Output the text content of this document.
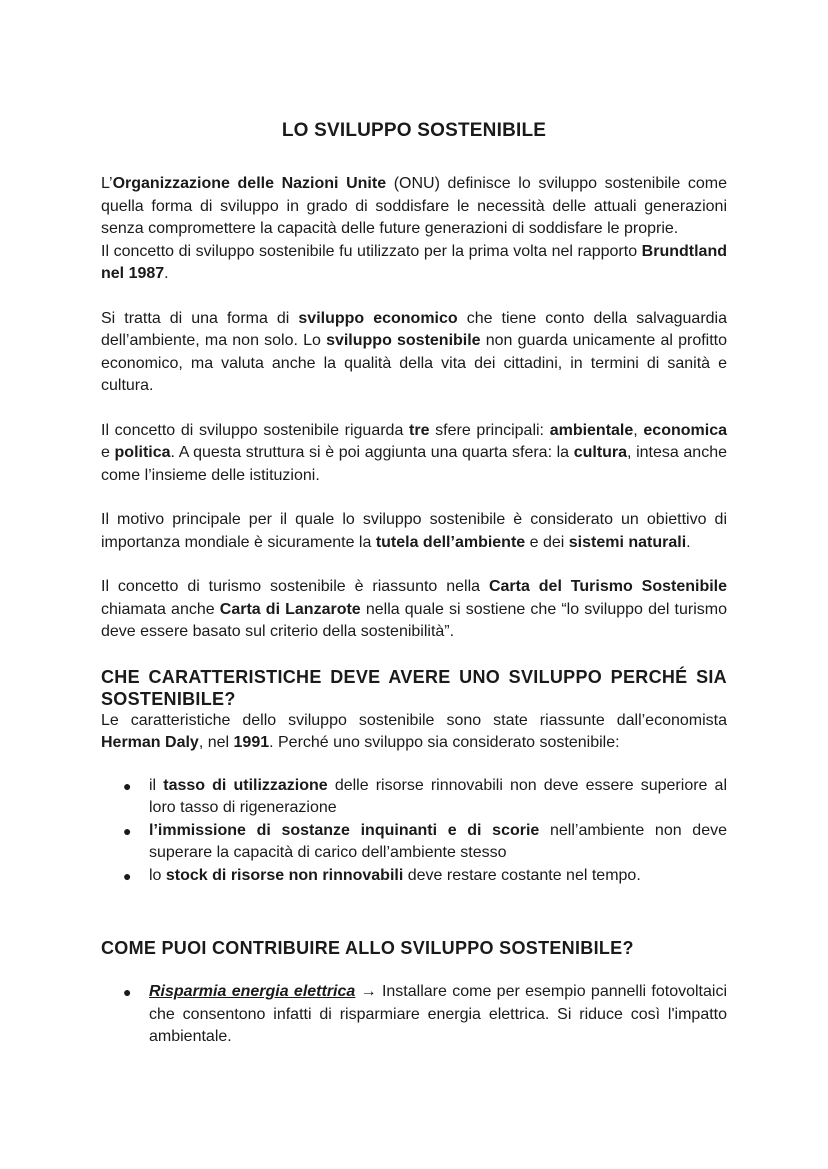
LO SVILUPPO SOSTENIBILE

L’Organizzazione delle Nazioni Unite (ONU) definisce lo sviluppo sostenibile come quella forma di sviluppo in grado di soddisfare le necessità delle attuali generazioni senza compromettere la capacità delle future generazioni di soddisfare le proprie.

Il concetto di sviluppo sostenibile fu utilizzato per la prima volta nel rapporto Brundtland nel 1987.

Si tratta di una forma di sviluppo economico che tiene conto della salvaguardia dell’ambiente, ma non solo. Lo sviluppo sostenibile non guarda unicamente al profitto economico, ma valuta anche la qualità della vita dei cittadini, in termini di sanità e cultura.

Il concetto di sviluppo sostenibile riguarda tre sfere principali: ambientale, economica e politica. A questa struttura si è poi aggiunta una quarta sfera: la cultura, intesa anche come l’insieme delle istituzioni.

Il motivo principale per il quale lo sviluppo sostenibile è considerato un obiettivo di importanza mondiale è sicuramente la tutela dell’ambiente e dei sistemi naturali.

Il concetto di turismo sostenibile è riassunto nella Carta del Turismo Sostenibile chiamata anche Carta di Lanzarote nella quale si sostiene che “lo sviluppo del turismo deve essere basato sul criterio della sostenibilità”.

CHE CARATTERISTICHE DEVE AVERE UNO SVILUPPO PERCHÉ SIA SOSTENIBILE?

Le caratteristiche dello sviluppo sostenibile sono state riassunte dall’economista Herman Daly, nel 1991. Perché uno sviluppo sia considerato sostenibile:

● il tasso di utilizzazione delle risorse rinnovabili non deve essere superiore al loro tasso di rigenerazione
● l’immissione di sostanze inquinanti e di scorie nell’ambiente non deve superare la capacità di carico dell’ambiente stesso
● lo stock di risorse non rinnovabili deve restare costante nel tempo.
COME PUOI CONTRIBUIRE ALLO SVILUPPO SOSTENIBILE?
● Risparmia energia elettrica → Installare come per esempio pannelli fotovoltaici che consentono infatti di risparmiare energia elettrica. Si riduce così l'impatto ambientale.
